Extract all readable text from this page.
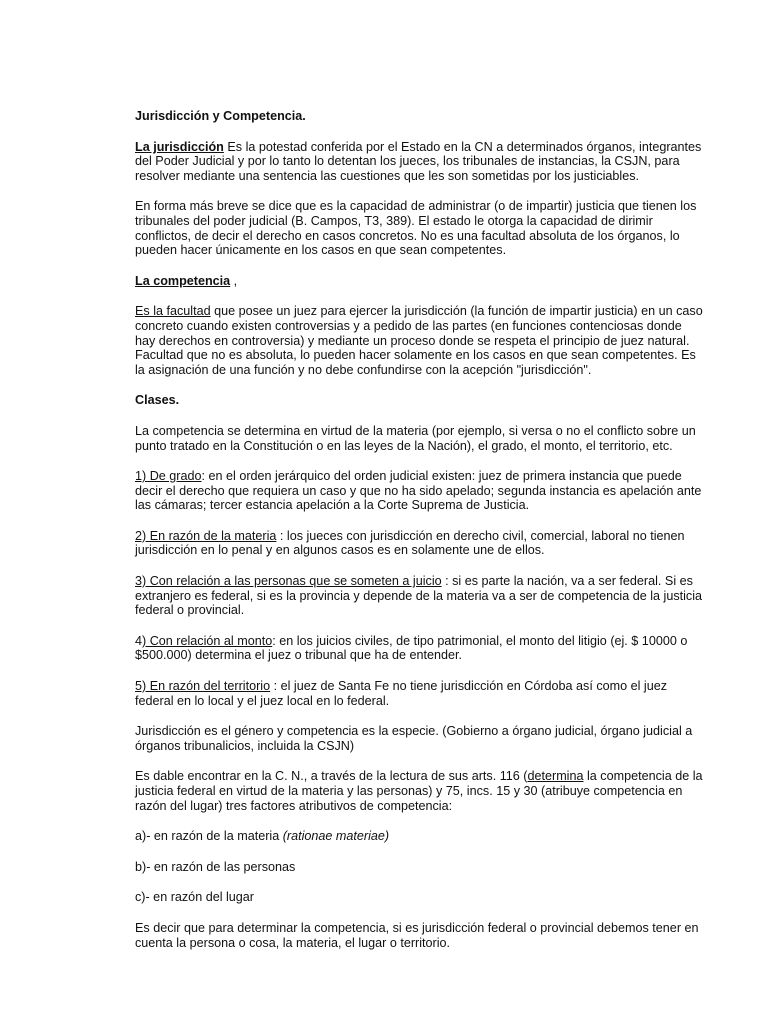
Jurisdicción y Competencia.

La jurisdicción Es la potestad conferida por el Estado en la CN a determinados órganos, integrantes del Poder Judicial y por lo tanto lo detentan los jueces, los tribunales de instancias, la CSJN, para resolver mediante una sentencia las cuestiones que les son sometidas por los justiciables.

En forma más breve se dice que es la capacidad de administrar (o de impartir) justicia que tienen los tribunales del poder judicial (B. Campos, T3, 389). El estado le otorga la capacidad de dirimir conflictos, de decir el derecho en casos concretos. No es una facultad absoluta de los órganos, lo pueden hacer únicamente en los casos en que sean competentes.

La competencia ,

Es la facultad que posee un juez para ejercer la jurisdicción (la función de impartir justicia) en un caso concreto cuando existen controversias y a pedido de las partes (en funciones contenciosas donde hay derechos en controversia) y mediante un proceso donde se respeta el principio de juez natural. Facultad que no es absoluta, lo pueden hacer solamente en los casos en que sean competentes. Es la asignación de una función y no debe confundirse con la acepción "jurisdicción".

Clases.

La competencia se determina en virtud de la materia (por ejemplo, si versa o no el conflicto sobre un punto tratado en la Constitución o en las leyes de la Nación), el grado, el monto, el territorio, etc.

1) De grado: en el orden jerárquico del orden judicial existen: juez de primera instancia que puede decir el derecho que requiera un caso y que no ha sido apelado; segunda instancia es apelación ante las cámaras; tercer estancia apelación a la Corte Suprema de Justicia.

2) En razón de la materia : los jueces con jurisdicción en derecho civil, comercial, laboral no tienen jurisdicción en lo penal y en algunos casos es en solamente une de ellos.

3) Con relación a las personas que se someten a juicio : si es parte la nación, va a ser federal. Si es extranjero es federal, si es la provincia y depende de la materia va a ser de competencia de la justicia federal o provincial.

4) Con relación al monto: en los juicios civiles, de tipo patrimonial, el monto del litigio (ej. $ 10000 o $500.000) determina el juez o tribunal que ha de entender.

5) En razón del territorio : el juez de Santa Fe no tiene jurisdicción en Córdoba así como el juez federal en lo local y el juez local en lo federal.

Jurisdicción es el género y competencia es la especie. (Gobierno a órgano judicial, órgano judicial a órganos tribunalicios, incluida la CSJN)

Es dable encontrar en la C. N., a través de la lectura de sus arts. 116 (determina la competencia de la justicia federal en virtud de la materia y las personas) y 75, incs. 15 y 30 (atribuye competencia en razón del lugar) tres factores atributivos de competencia:

a)- en razón de la materia (rationae materiae)

b)- en razón de las personas

c)- en razón del lugar

Es decir que para determinar la competencia, si es jurisdicción federal o provincial debemos tener en cuenta la persona o cosa, la materia, el lugar o territorio.
